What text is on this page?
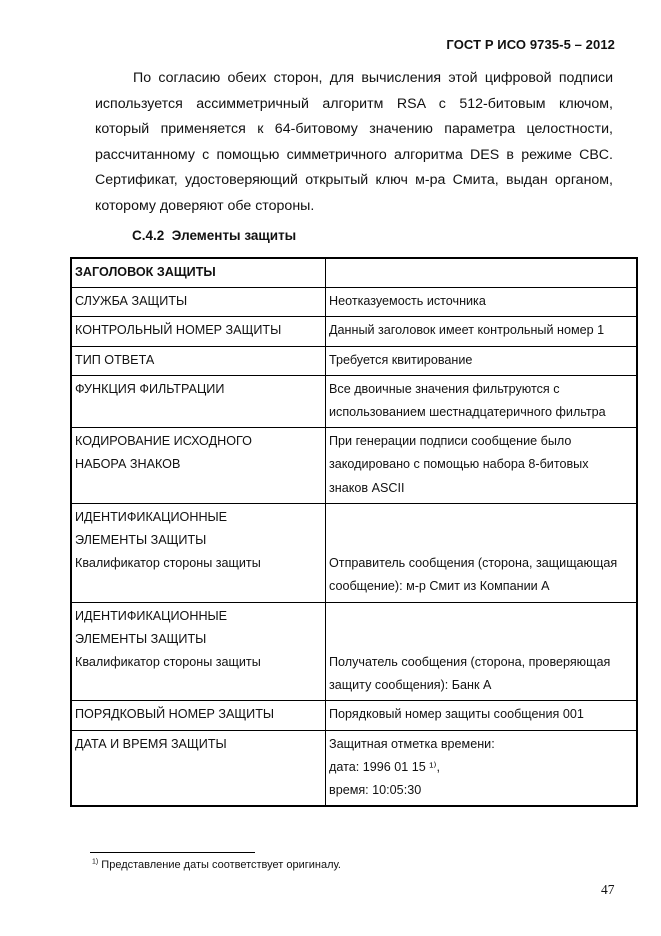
ГОСТ Р ИСО 9735-5 – 2012

По согласию обеих сторон, для вычисления этой цифровой подписи используется ассимметричный алгоритм RSA с 512-битовым ключом, который применяется к 64-битовому значению параметра целостности, рассчитанному с помощью симметричного алгоритма DES в режиме CBC. Сертификат, удостоверяющий открытый ключ м-ра Смита, выдан органом, которому доверяют обе стороны.

С.4.2 Элементы защиты
ЗАГОЛОВОК ЗАЩИТЫ	

СЛУЖБА ЗАЩИТЫ	Неотказуемость источника

КОНТРОЛЬНЫЙ НОМЕР ЗАЩИТЫ	Данный заголовок имеет контрольный номер 1

ТИП ОТВЕТА	Требуется квитирование

ФУНКЦИЯ ФИЛЬТРАЦИИ	Все двоичные значения фильтруются с
использованием шестнадцатеричного фильтра

КОДИРОВАНИЕ ИСХОДНОГО
НАБОРА ЗНАКОВ	При генерации подписи сообщение было
закодировано с помощью набора 8-битовых
знаков ASCII

ИДЕНТИФИКАЦИОННЫЕ
ЭЛЕМЕНТЫ ЗАЩИТЫ
Квалификатор стороны защиты	Отправитель сообщения (сторона, защищающая
сообщение): м-р Смит из Компании А

ИДЕНТИФИКАЦИОННЫЕ
ЭЛЕМЕНТЫ ЗАЩИТЫ
Квалификатор стороны защиты	Получатель сообщения (сторона, проверяющая
защиту сообщения): Банк А

ПОРЯДКОВЫЙ НОМЕР ЗАЩИТЫ	Порядковый номер защиты сообщения 001

ДАТА И ВРЕМЯ ЗАЩИТЫ	Защитная отметка времени:
дата: 1996 01 15 ¹⁾,
время: 10:05:30
$^{1)}$ Представление даты соответствует оригиналу.
47
